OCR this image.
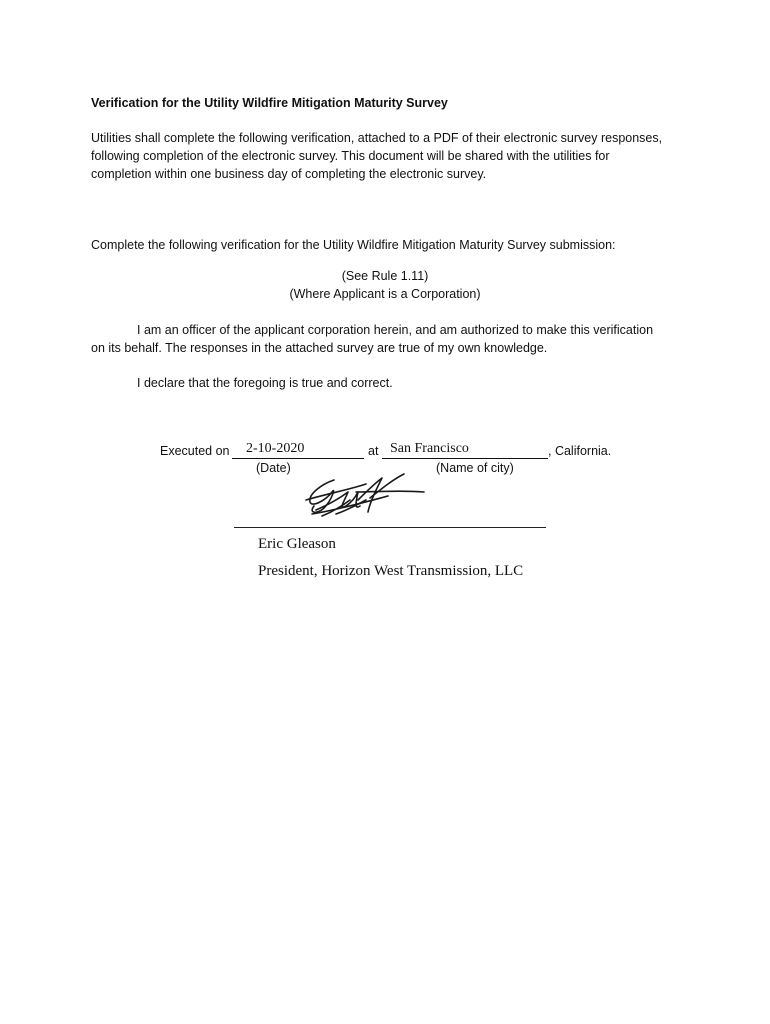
Verification for the Utility Wildfire Mitigation Maturity Survey
Utilities shall complete the following verification, attached to a PDF of their electronic survey responses,
following completion of the electronic survey. This document will be shared with the utilities for
completion within one business day of completing the electronic survey.
Complete the following verification for the Utility Wildfire Mitigation Maturity Survey submission:
(See Rule 1.11)
(Where Applicant is a Corporation)
I am an officer of the applicant corporation herein, and am authorized to make this verification
on its behalf. The responses in the attached survey are true of my own knowledge.
I declare that the foregoing is true and correct.
Executed on 2-10-2020	at San Francisco	, California.
(Date)	(Name of city)
Eric Gleason
President, Horizon West Transmission, LLC
